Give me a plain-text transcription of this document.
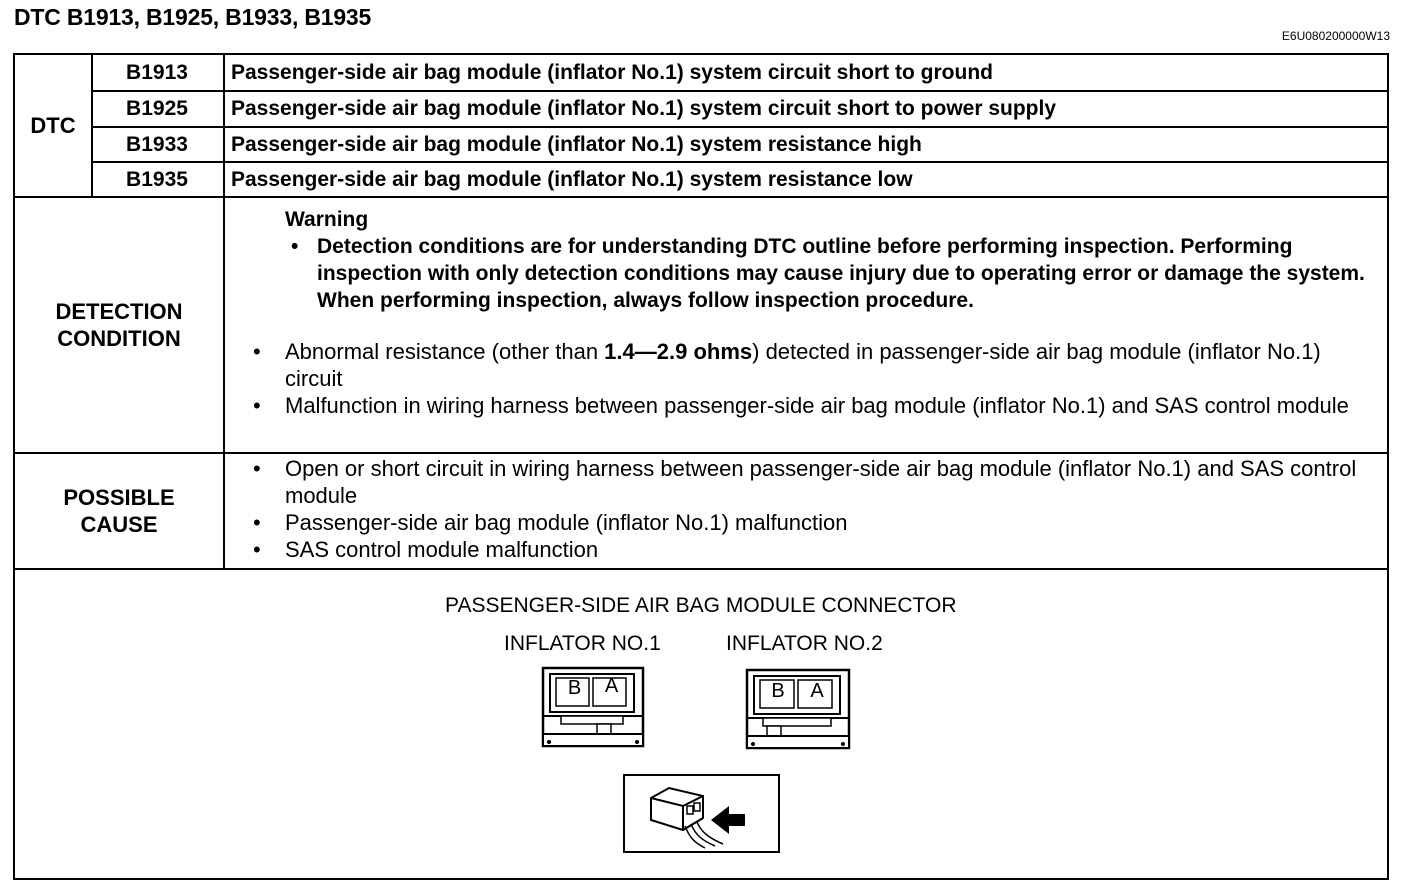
DTC B1913, B1925, B1933, B1935
E6U080200000W13
DTC
B1913	Passenger-side air bag module (inflator No.1) system circuit short to ground
B1925	Passenger-side air bag module (inflator No.1) system circuit short to power supply
B1933	Passenger-side air bag module (inflator No.1) system resistance high
B1935	Passenger-side air bag module (inflator No.1) system resistance low
DETECTION
CONDITION
Warning
• Detection conditions are for understanding DTC outline before performing inspection. Performing inspection with only detection conditions may cause injury due to operating error or damage the system. When performing inspection, always follow inspection procedure.
• Abnormal resistance (other than 1.4—2.9 ohms) detected in passenger-side air bag module (inflator No.1) circuit
• Malfunction in wiring harness between passenger-side air bag module (inflator No.1) and SAS control module
POSSIBLE
CAUSE
• Open or short circuit in wiring harness between passenger-side air bag module (inflator No.1) and SAS control module
• Passenger-side air bag module (inflator No.1) malfunction
• SAS control module malfunction
PASSENGER-SIDE AIR BAG MODULE CONNECTOR
INFLATOR NO.1	INFLATOR NO.2
B	A	B	A
